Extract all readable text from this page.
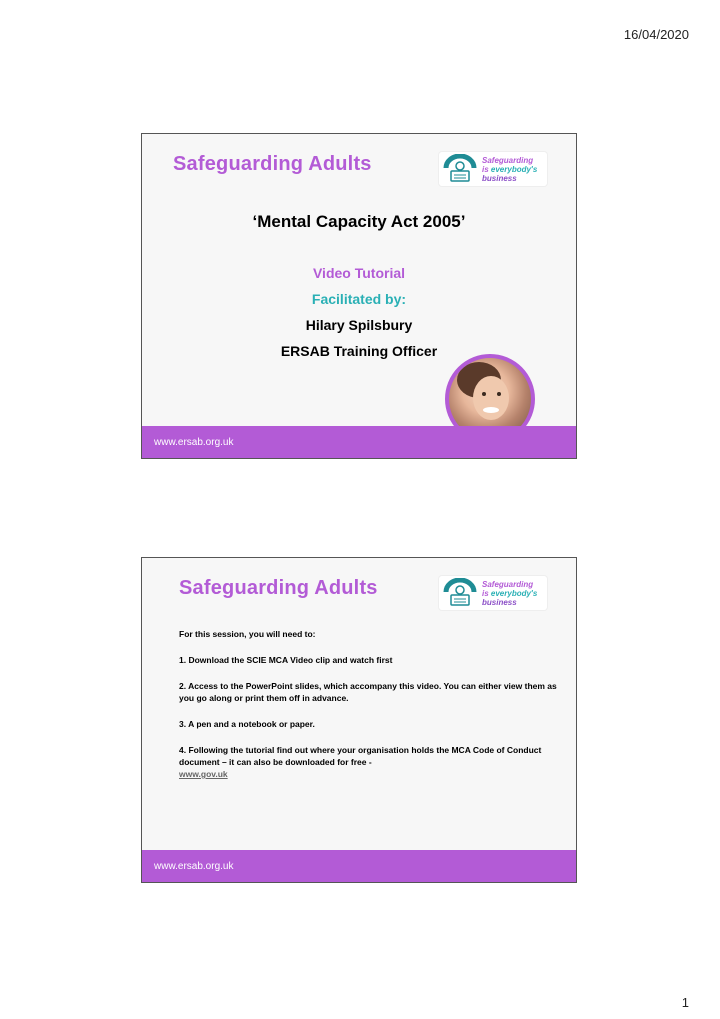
16/04/2020
Safeguarding Adults	Safeguarding
is everybody's
business

‘Mental Capacity Act 2005’

Video Tutorial

Facilitated by:

Hilary Spilsbury

ERSAB Training Officer

www.ersab.org.uk
Safeguarding Adults	Safeguarding
is everybody's
business

For this session, you will need to:

1. Download the SCIE MCA Video clip and watch first

2. Access to the PowerPoint slides, which accompany this video. You can either view them as you go along or print them off in advance.

3. A pen and a notebook or paper.

4. Following the tutorial find out where your organisation holds the MCA Code of Conduct document – it can also be downloaded for free -
www.gov.uk

www.ersab.org.uk
1
